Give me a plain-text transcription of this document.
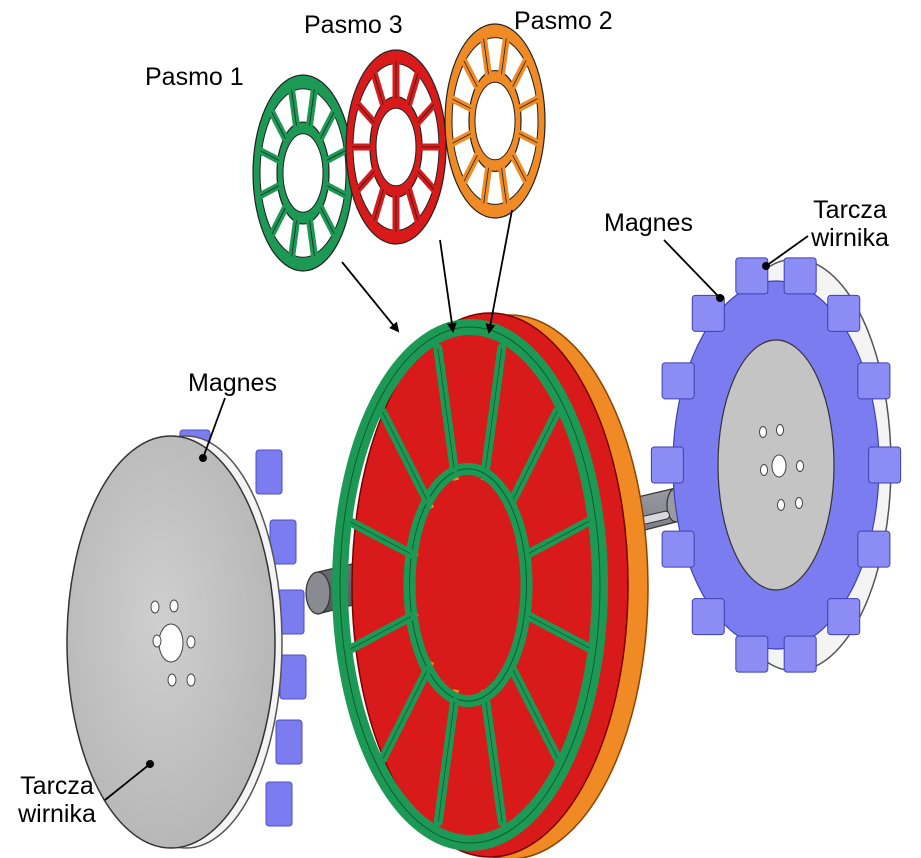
Pasmo 1
Pasmo 3	Pasmo 2
Magnes
Magnes
Tarcza
wirnika
Tarcza
wirnika
